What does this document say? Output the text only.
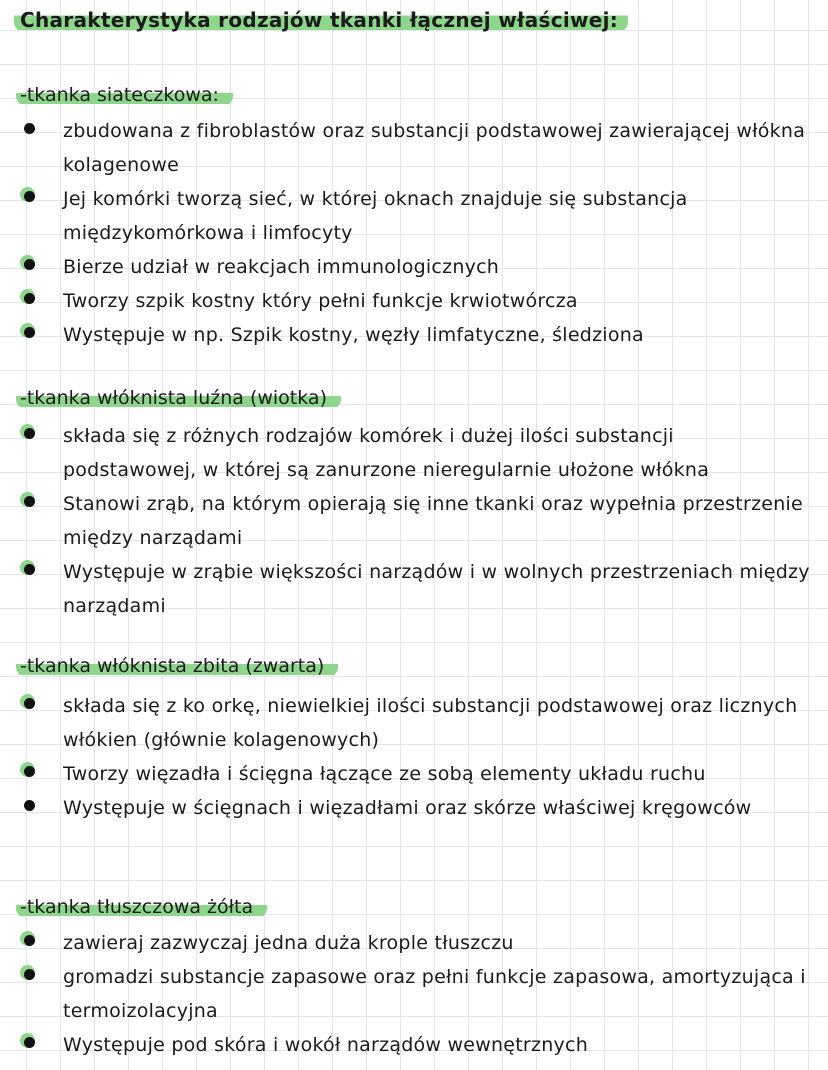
Charakterystyka rodzajów tkanki łącznej właściwej:
-tkanka siateczkowa:

zbudowana z fibroblastów oraz substancji podstawowej zawierającej włókna kolagenowe

Jej komórki tworzą sieć, w której oknach znajduje się substancja międzykomórkowa i limfocyty

Bierze udział w reakcjach immunologicznych

Tworzy szpik kostny który pełni funkcje krwiotwórcza

Występuje w np. Szpik kostny, węzły limfatyczne, śledziona

-tkanka włóknista luźna (wiotka)

składa się z różnych rodzajów komórek i dużej ilości substancji podstawowej, w której są zanurzone nieregularnie ułożone włókna

Stanowi zrąb, na którym opierają się inne tkanki oraz wypełnia przestrzenie między narządami

Występuje w zrąbie większości narządów i w wolnych przestrzeniach między narządami

-tkanka włóknista zbita (zwarta)

składa się z ko orkę, niewielkiej ilości substancji podstawowej oraz licznych włókien (głównie kolagenowych)

Tworzy więzadła i ścięgna łączące ze sobą elementy układu ruchu

Występuje w ścięgnach i więzadłami oraz skórze właściwej kręgowców

-tkanka tłuszczowa żółta

zawieraj zazwyczaj jedna duża krople tłuszczu

gromadzi substancje zapasowe oraz pełni funkcje zapasowa, amortyzująca i termoizolacyjna

Występuje pod skóra i wokół narządów wewnętrznych
